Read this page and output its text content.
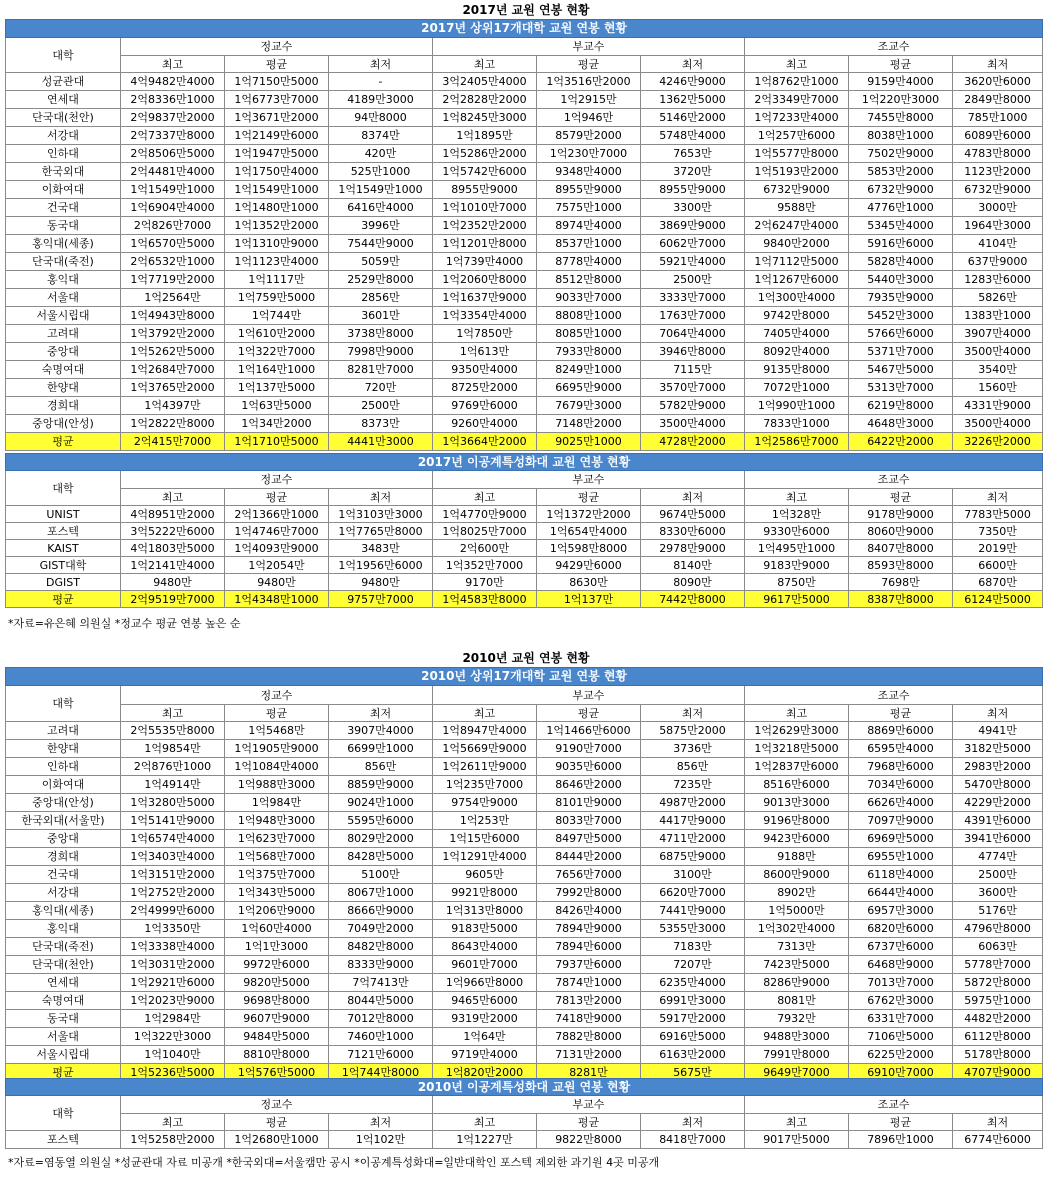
2017년 교원 연봉 현황
2017년 상위17개대학 교원 연봉 현황									
대학	정교수			부교수			조교수		
	최고	평균	최저	최고	평균	최저	최고	평균	최저
성균관대	4억9482만4000	1억7150만5000	-	3억2405만4000	1억3516만2000	4246만9000	1억8762만1000	9159만4000	3620만6000
연세대	2억8336만1000	1억6773만7000	4189만3000	2억2828만2000	1억2915만	1362만5000	2억3349만7000	1억220만3000	2849만8000
단국대(천안)	2억9837만2000	1억3671만2000	94만8000	1억8245만3000	1억946만	5146만2000	1억7233만4000	7455만8000	785만1000
서강대	2억7337만8000	1억2149만6000	8374만	1억1895만	8579만2000	5748만4000	1억257만6000	8038만1000	6089만6000
인하대	2억8506만5000	1억1947만5000	420만	1억5286만2000	1억230만7000	7653만	1억5577만8000	7502만9000	4783만8000
한국외대	2억4481만4000	1억1750만4000	525만1000	1억5742만6000	9348만4000	3720만	1억5193만2000	5853만2000	1123만2000
이화여대	1억1549만1000	1억1549만1000	1억1549만1000	8955만9000	8955만9000	8955만9000	6732만9000	6732만9000	6732만9000
건국대	1억6904만4000	1억1480만1000	6416만4000	1억1010만7000	7575만1000	3300만	9588만	4776만1000	3000만
동국대	2억826만7000	1억1352만2000	3996만	1억2352만2000	8974만4000	3869만9000	2억6247만4000	5345만4000	1964만3000
홍익대(세종)	1억6570만5000	1억1310만9000	7544만9000	1억1201만8000	8537만1000	6062만7000	9840만2000	5916만6000	4104만
단국대(죽전)	2억6532만1000	1억1123만4000	5059만	1억739만4000	8778만4000	5921만4000	1억7112만5000	5828만4000	637만9000
홍익대	1억7719만2000	1억1117만	2529만8000	1억2060만8000	8512만8000	2500만	1억1267만6000	5440만3000	1283만6000
서울대	1억2564만	1억759만5000	2856만	1억1637만9000	9033만7000	3333만7000	1억300만4000	7935만9000	5826만
서울시립대	1억4943만8000	1억744만	3601만	1억3354만4000	8808만1000	1763만7000	9742만8000	5452만3000	1383만1000
고려대	1억3792만2000	1억610만2000	3738만8000	1억7850만	8085만1000	7064만4000	7405만4000	5766만6000	3907만4000
중앙대	1억5262만5000	1억322만7000	7998만9000	1억613만	7933만8000	3946만8000	8092만4000	5371만7000	3500만4000
숙명여대	1억2684만7000	1억164만1000	8281만7000	9350만4000	8249만1000	7115만	9135만8000	5467만5000	3540만
한양대	1억3765만2000	1억137만5000	720만	8725만2000	6695만9000	3570만7000	7072만1000	5313만7000	1560만
경희대	1억4397만	1억63만5000	2500만	9769만6000	7679만3000	5782만9000	1억990만1000	6219만8000	4331만9000
중앙대(안성)	1억2822만8000	1억34만2000	8373만	9260만4000	7148만2000	3500만4000	7833만1000	4648만3000	3500만4000
평균	2억415만7000	1억1710만5000	4441만3000	1억3664만2000	9025만1000	4728만2000	1억2586만7000	6422만2000	3226만2000
2017년 이공계특성화대 교원 연봉 현황									
대학	정교수			부교수			조교수		
	최고	평균	최저	최고	평균	최저	최고	평균	최저
UNIST	4억8951만2000	2억1366만1000	1억3103만3000	1억4770만9000	1억1372만2000	9674만5000	1억328만	9178만9000	7783만5000
포스텍	3억5222만6000	1억4746만7000	1억7765만8000	1억8025만7000	1억654만4000	8330만6000	9330만6000	8060만9000	7350만
KAIST	4억1803만5000	1억4093만9000	3483만	2억600만	1억598만8000	2978만9000	1억495만1000	8407만8000	2019만
GIST대학	1억2141만4000	1억2054만	1억1956만6000	1억352만7000	9429만6000	8140만	9183만9000	8593만8000	6600만
DGIST	9480만	9480만	9480만	9170만	8630만	8090만	8750만	7698만	6870만
평균	2억9519만7000	1억4348만1000	9757만7000	1억4583만8000	1억137만	7442만8000	9617만5000	8387만8000	6124만5000
*자료=유은혜 의원실 *정교수 평균 연봉 높은 순
2010년 교원 연봉 현황
2010년 상위17개대학 교원 연봉 현황									
대학	정교수			부교수			조교수		
	최고	평균	최저	최고	평균	최저	최고	평균	최저
고려대	2억5535만8000	1억5468만	3907만4000	1억8947만4000	1억1466만6000	5875만2000	1억2629만3000	8869만6000	4941만
한양대	1억9854만	1억1905만9000	6699만1000	1억5669만9000	9190만7000	3736만	1억3218만5000	6595만4000	3182만5000
인하대	2억876만1000	1억1084만4000	856만	1억2611만9000	9035만6000	856만	1억2837만6000	7968만6000	2983만2000
이화여대	1억4914만	1억988만3000	8859만9000	1억235만7000	8646만2000	7235만	8516만6000	7034만6000	5470만8000
중앙대(안성)	1억3280만5000	1억984만	9024만1000	9754만9000	8101만9000	4987만2000	9013만3000	6626만4000	4229만2000
한국외대(서울만)	1억5141만9000	1억948만3000	5595만6000	1억253만	8033만7000	4417만9000	9196만8000	7097만9000	4391만6000
중앙대	1억6574만4000	1억623만7000	8029만2000	1억15만6000	8497만5000	4711만2000	9423만6000	6969만5000	3941만6000
경희대	1억3403만4000	1억568만7000	8428만5000	1억1291만4000	8444만2000	6875만9000	9188만	6955만1000	4774만
건국대	1억3151만2000	1억375만7000	5100만	9605만	7656만7000	3100만	8600만9000	6118만4000	2500만
서강대	1억2752만2000	1억343만5000	8067만1000	9921만8000	7992만8000	6620만7000	8902만	6644만4000	3600만
홍익대(세종)	2억4999만6000	1억206만9000	8666만9000	1억313만8000	8426만4000	7441만9000	1억5000만	6957만3000	5176만
홍익대	1억3350만	1억60만4000	7049만2000	9183만5000	7894만9000	5355만3000	1억302만4000	6820만6000	4796만8000
단국대(죽전)	1억3338만4000	1억1만3000	8482만8000	8643만4000	7894만6000	7183만	7313만	6737만6000	6063만
단국대(천안)	1억3031만2000	9972만6000	8333만9000	9601만7000	7937만6000	7207만	7423만5000	6468만9000	5778만7000
연세대	1억2921만6000	9820만5000	7억7413만	1억966만8000	7874만1000	6235만4000	8286만9000	7013만7000	5872만8000
숙명여대	1억2023만9000	9698만8000	8044만5000	9465만6000	7813만2000	6991만3000	8081만	6762만3000	5975만1000
동국대	1억2984만	9607만9000	7012만8000	9319만2000	7418만9000	5917만2000	7932만	6331만7000	4482만2000
서울대	1억322만3000	9484만5000	7460만1000	1억64만	7882만8000	6916만5000	9488만3000	7106만5000	6112만8000
서울시립대	1억1040만	8810만8000	7121만6000	9719만4000	7131만2000	6163만2000	7991만8000	6225만2000	5178만8000
평균	1억5236만5000	1억576만5000	1억744만8000	1억820만2000	8281만	5675만	9649만7000	6910만7000	4707만9000
2010년 이공계특성화대 교원 연봉 현황									
대학	정교수			부교수			조교수		
	최고	평균	최저	최고	평균	최저	최고	평균	최저
포스텍	1억5258만2000	1억2680만1000	1억102만	1억1227만	9822만8000	8418만7000	9017만5000	7896만1000	6774만6000
*자료=염동열 의원실 *성균관대 자료 미공개 *한국외대=서울캠만 공시 *이공계특성화대=일반대학인 포스텍 제외한 과기원 4곳 미공개
